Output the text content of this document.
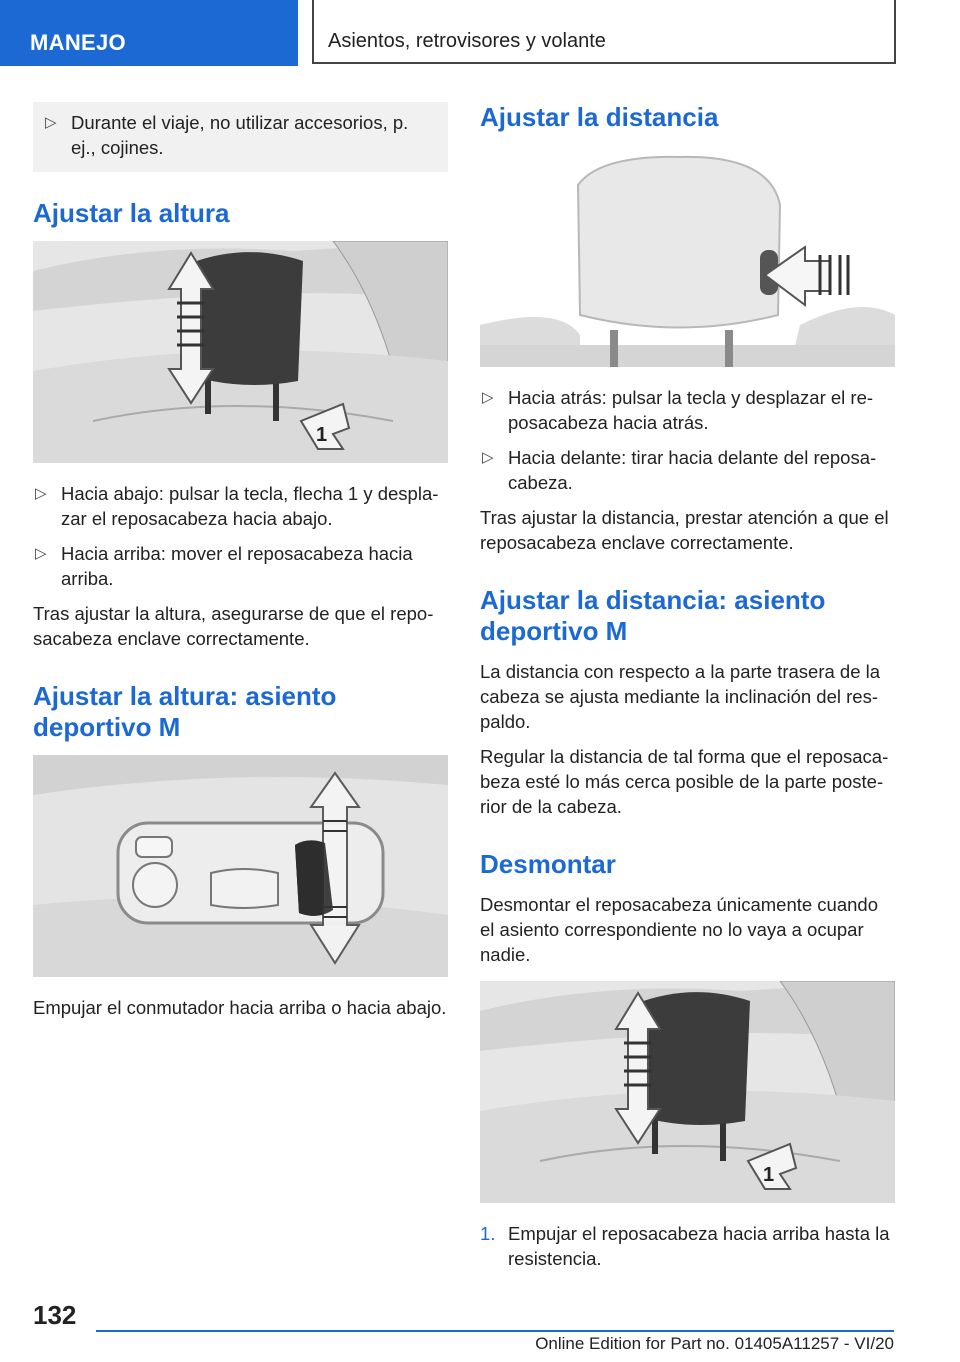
MANEJO	Asientos, retrovisores y volante
▷ Durante el viaje, no utilizar accesorios, p. ej., cojines.
Ajustar la altura
1
▷ Hacia abajo: pulsar la tecla, flecha 1 y despla‐zar el reposacabeza hacia abajo.
▷ Hacia arriba: mover el reposacabeza hacia arriba.

Tras ajustar la altura, asegurarse de que el repo‐sacabeza enclave correctamente.

Ajustar la altura: asiento deportivo M

Empujar el conmutador hacia arriba o hacia abajo.

Ajustar la distancia
▷ Hacia atrás: pulsar la tecla y desplazar el re‐posacabeza hacia atrás.
▷ Hacia delante: tirar hacia delante del reposa‐cabeza.

Tras ajustar la distancia, prestar atención a que el reposacabeza enclave correctamente.

Ajustar la distancia: asiento deportivo M

La distancia con respecto a la parte trasera de la cabeza se ajusta mediante la inclinación del res‐paldo.

Regular la distancia de tal forma que el reposaca‐beza esté lo más cerca posible de la parte poste‐rior de la cabeza.

Desmontar

Desmontar el reposacabeza únicamente cuando el asiento correspondiente no lo vaya a ocupar nadie.

1
1. Empujar el reposacabeza hacia arriba hasta la resistencia.
132
Online Edition for Part no. 01405A11257 - VI/20
